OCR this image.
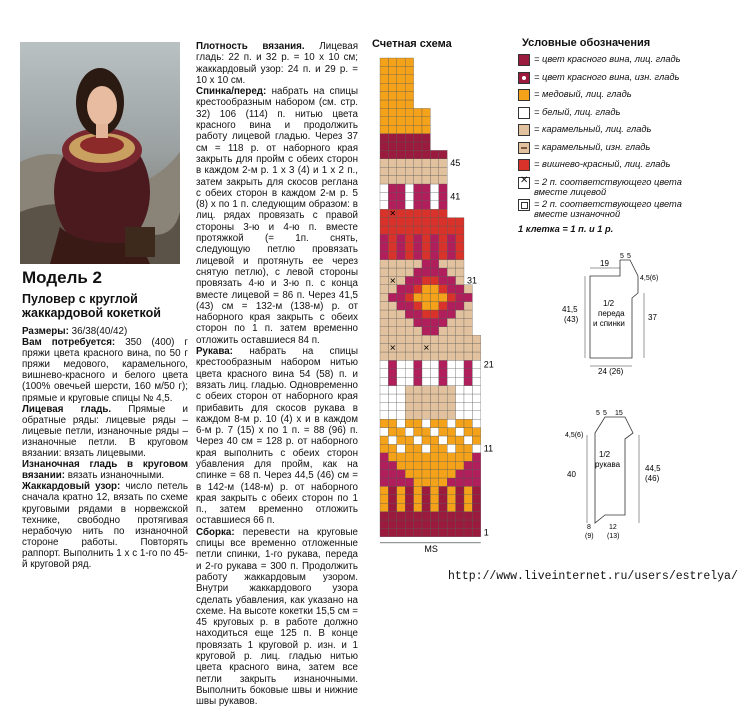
Модель 2
Пуловер с круглой жаккардовой кокеткой

Размеры: 36/38(40/42)

Вам потребуется: 350 (400) г пряжи цвета красного вина, по 50 г пряжи медового, карамельного, вишнево-красного и белого цвета (100% овечьей шерсти, 160 м/50 г); прямые и круговые спицы № 4,5.

Лицевая гладь. Прямые и обратные ряды: лицевые ряды – лицевые петли, изнаночные ряды – изнаночные петли. В круговом вязании: вязать лицевыми.

Изнаночная гладь в круговом вязании: вязать изнаночными.

Жаккардовый узор: число петель сначала кратно 12, вязать по схеме круговыми рядами в норвежской технике, свободно протягивая нерабочую нить по изнаночной стороне работы. Повторять раппорт. Выполнить 1 х с 1-го по 45-й круговой ряд.

Плотность вязания. Лицевая гладь: 22 п. и 32 р. = 10 х 10 см; жаккардовый узор: 24 п. и 29 р. = 10 х 10 см.

Спинка/перед: набрать на спицы крестообразным набором (см. стр. 32) 106 (114) п. нитью цвета красного вина и продолжить работу лицевой гладью. Через 37 см = 118 р. от наборного края закрыть для пройм с обеих сторон в каждом 2-м р. 1 х 3 (4) и 1 х 2 п., затем закрыть для скосов реглана с обеих сторон в каждом 2-м р. 5 (8) х по 1 п. следующим образом: в лиц. рядах провязать с правой стороны 3-ю и 4-ю п. вместе протяжкой (= 1п. снять, следующую петлю провязать лицевой и протянуть ее через снятую петлю), с левой стороны провязать 4-ю и 3-ю п. с конца вместе лицевой = 86 п. Через 41,5 (43) см = 132-м (138-м) р. от наборного края закрыть с обеих сторон по 1 п. затем временно отложить оставшиеся 84 п.

Рукава: набрать на спицы крестообразным набором нитью цвета красного вина 54 (58) п. и вязать лиц. гладью. Одновременно с обеих сторон от наборного края прибавить для скосов рукава в каждом 8-м р. 10 (4) х и в каждом 6-м р. 7 (15) х по 1 п. = 88 (96) п. Через 40 см = 128 р. от наборного края выполнить с обеих сторон убавления для пройм, как на спинке = 68 п. Через 44,5 (46) см = в 142-м (148-м) р. от наборного края закрыть с обеих сторон по 1 п., затем временно отложить оставшиеся 66 п.

Сборка: перевести на круговые спицы все временно отложенные петли спинки, 1-го рукава, переда и 2-го рукава = 300 п. Продолжить работу жаккардовым узором. Внутри жаккардового узора сделать убавления, как указано на схеме. На высоте кокетки 15,5 см = 45 круговых р. в работе должно находиться еще 125 п. В конце провязать 1 круговой р. изн. и 1 круговой р. лиц. гладью нитью цвета красного вина, затем все петли закрыть изнаночными. Выполнить боковые швы и нижние швы рукавов.

Счетная схема
45
41
31
21
11
1
✕
✕
✕	✕
MS
Условные обозначения
= цвет красного вина, лиц. гладь
= цвет красного вина, изн. гладь
= медовый, лиц. гладь
= белый, лиц. гладь
= карамельный, лиц. гладь
= карамельный, изн. гладь
= вишнево-красный, лиц. гладь
✕ = 2 п. соответствующего цвета вместе лицевой
= 2 п. соответствующего цвета вместе изнаночной
1 клетка = 1 п. и 1 р.
19
5 5
4,5(6)
41,5
(43)
1/2
переда
и спинки
37
24 (26)
5 5 15
4,5(6)
1/2
рукава
40
44,5
(46)
8
(9)
12
(13)
http://www.liveinternet.ru/users/estrelya/
